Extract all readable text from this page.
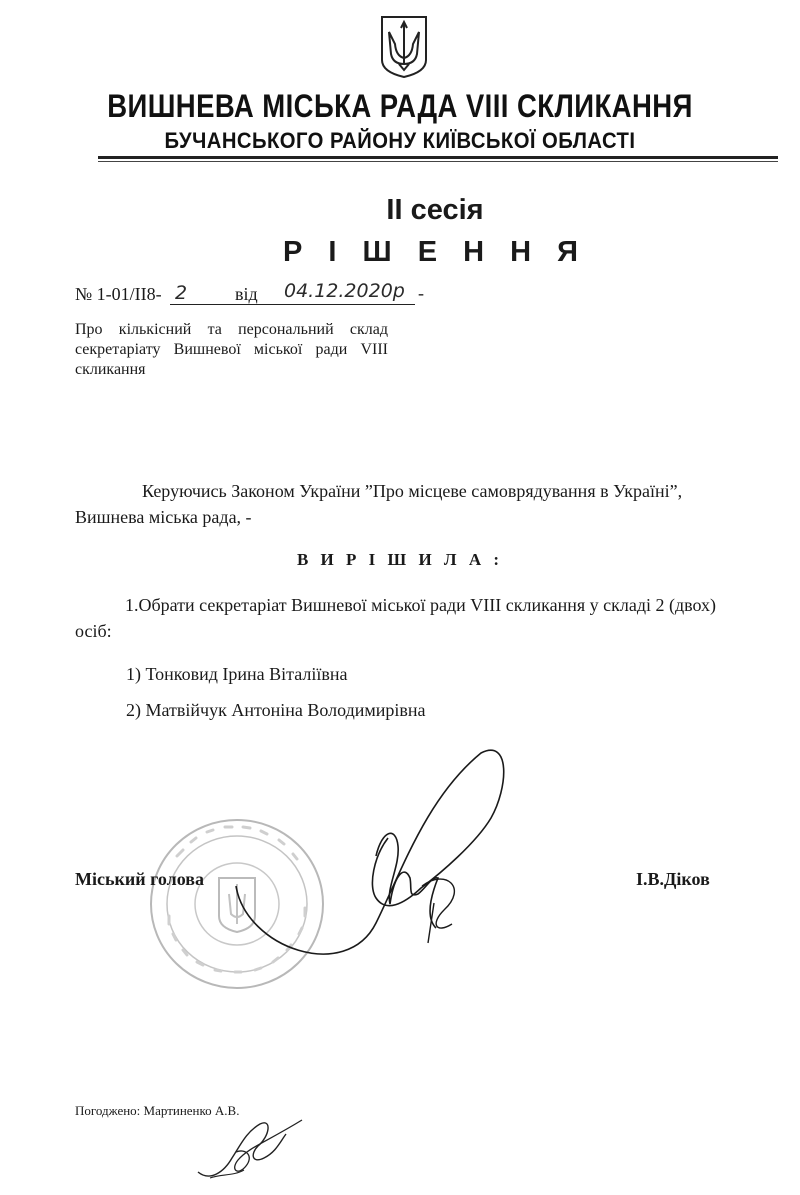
ВИШНЕВА МІСЬКА РАДА VIII СКЛИКАННЯ
БУЧАНСЬКОГО РАЙОНУ КИЇВСЬКОЇ ОБЛАСТІ
ІІ сесія
Р І Ш Е Н Н Я
№ 1-01/ІІ8- 2	від 04.12.2020р -
Про кількісний та персональний склад секретаріату Вишневої міської ради VIII скликання
Керуючись Законом України ”Про місцеве самоврядування в Україні”, Вишнева міська рада, -
В И Р І Ш И Л А :
1.Обрати секретаріат Вишневої міської ради VIII скликання у складі 2 (двох) осіб:
1) Тонковид Ірина Віталіївна
2) Матвійчук Антоніна Володимирівна
Міський голова	І.В.Діков
Погоджено: Мартиненко А.В.
